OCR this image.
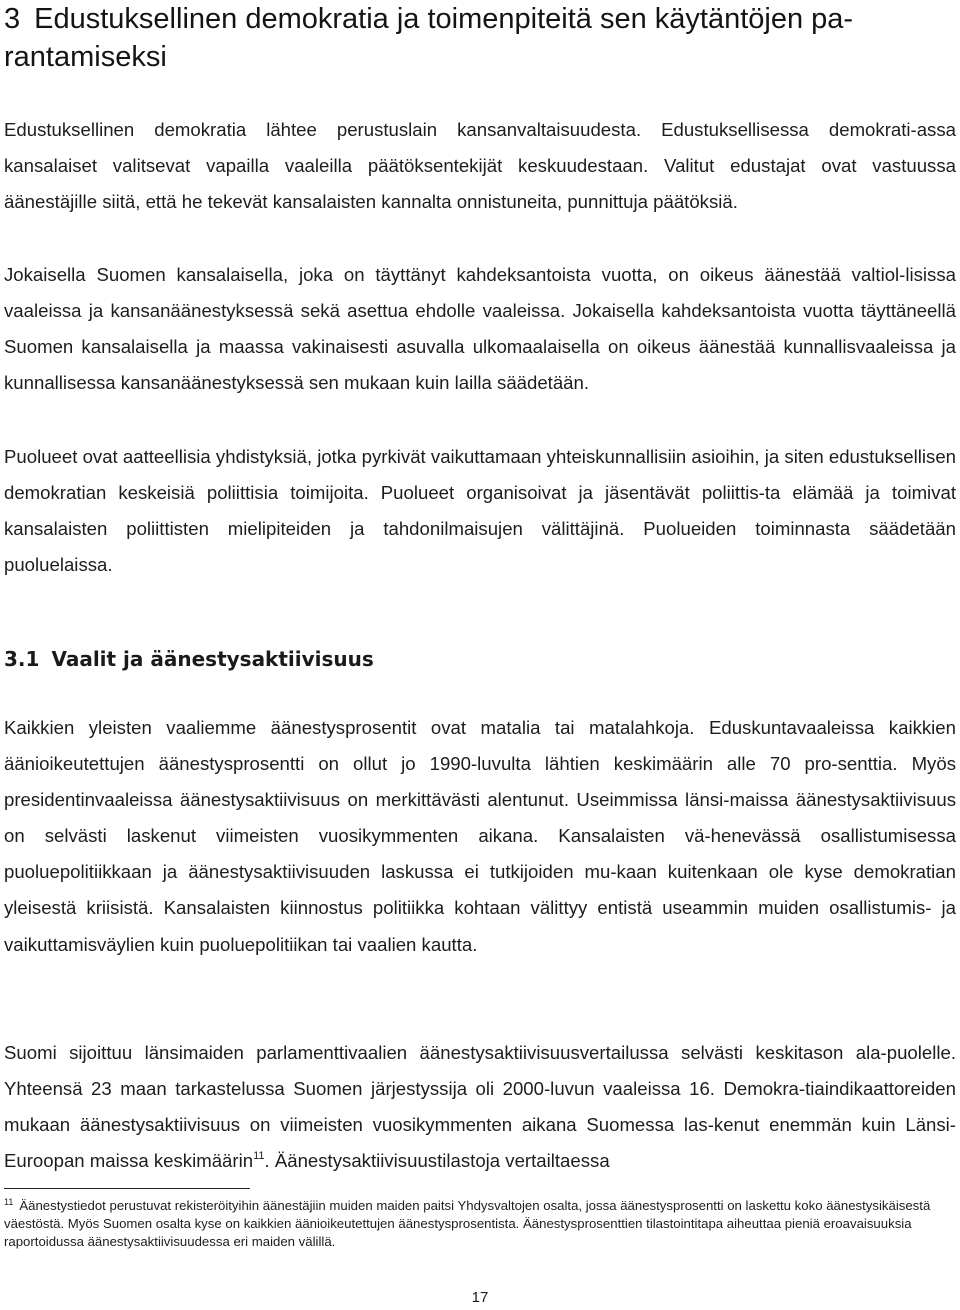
3 Edustuksellinen demokratia ja toimenpiteitä sen käytäntöjen pa-rantamiseksi

Edustuksellinen demokratia lähtee perustuslain kansanvaltaisuudesta. Edustuksellisessa demokrati-assa kansalaiset valitsevat vapailla vaaleilla päätöksentekijät keskuudestaan. Valitut edustajat ovat vastuussa äänestäjille siitä, että he tekevät kansalaisten kannalta onnistuneita, punnittuja päätöksiä.

Jokaisella Suomen kansalaisella, joka on täyttänyt kahdeksantoista vuotta, on oikeus äänestää valtiol-lisissa vaaleissa ja kansanäänestyksessä sekä asettua ehdolle vaaleissa. Jokaisella kahdeksantoista vuotta täyttäneellä Suomen kansalaisella ja maassa vakinaisesti asuvalla ulkomaalaisella on oikeus äänestää kunnallisvaaleissa ja kunnallisessa kansanäänestyksessä sen mukaan kuin lailla säädetään.

Puolueet ovat aatteellisia yhdistyksiä, jotka pyrkivät vaikuttamaan yhteiskunnallisiin asioihin, ja siten edustuksellisen demokratian keskeisiä poliittisia toimijoita. Puolueet organisoivat ja jäsentävät poliittis-ta elämää ja toimivat kansalaisten poliittisten mielipiteiden ja tahdonilmaisujen välittäjinä. Puolueiden toiminnasta säädetään puoluelaissa.

3.1 Vaalit ja äänestysaktiivisuus

Kaikkien yleisten vaaliemme äänestysprosentit ovat matalia tai matalahkoja. Eduskuntavaaleissa kaikkien äänioikeutettujen äänestysprosentti on ollut jo 1990-luvulta lähtien keskimäärin alle 70 pro-senttia. Myös presidentinvaaleissa äänestysaktiivisuus on merkittävästi alentunut. Useimmissa länsi-maissa äänestysaktiivisuus on selvästi laskenut viimeisten vuosikymmenten aikana. Kansalaisten vä-henevässä osallistumisessa puoluepolitiikkaan ja äänestysaktiivisuuden laskussa ei tutkijoiden mu-kaan kuitenkaan ole kyse demokratian yleisestä kriisistä. Kansalaisten kiinnostus politiikka kohtaan välittyy entistä useammin muiden osallistumis- ja vaikuttamisväylien kuin puoluepolitiikan tai vaalien kautta.

Suomi sijoittuu länsimaiden parlamenttivaalien äänestysaktiivisuusvertailussa selvästi keskitason ala-puolelle. Yhteensä 23 maan tarkastelussa Suomen järjestyssija oli 2000-luvun vaaleissa 16. Demokra-tiaindikaattoreiden mukaan äänestysaktiivisuus on viimeisten vuosikymmenten aikana Suomessa las-kenut enemmän kuin Länsi-Euroopan maissa keskimäärin$^{11}$. Äänestysaktiivisuustilastoja vertailtaessa

$^{11}$ Äänestystiedot perustuvat rekisteröityihin äänestäjiin muiden maiden paitsi Yhdysvaltojen osalta, jossa äänestysprosentti on laskettu koko äänestysikäisestä väestöstä. Myös Suomen osalta kyse on kaikkien äänioikeutettujen äänestysprosentista. Äänestysprosenttien tilastointitapa aiheuttaa pieniä eroavaisuuksia raportoidussa äänestysaktiivisuudessa eri maiden välillä.

17
